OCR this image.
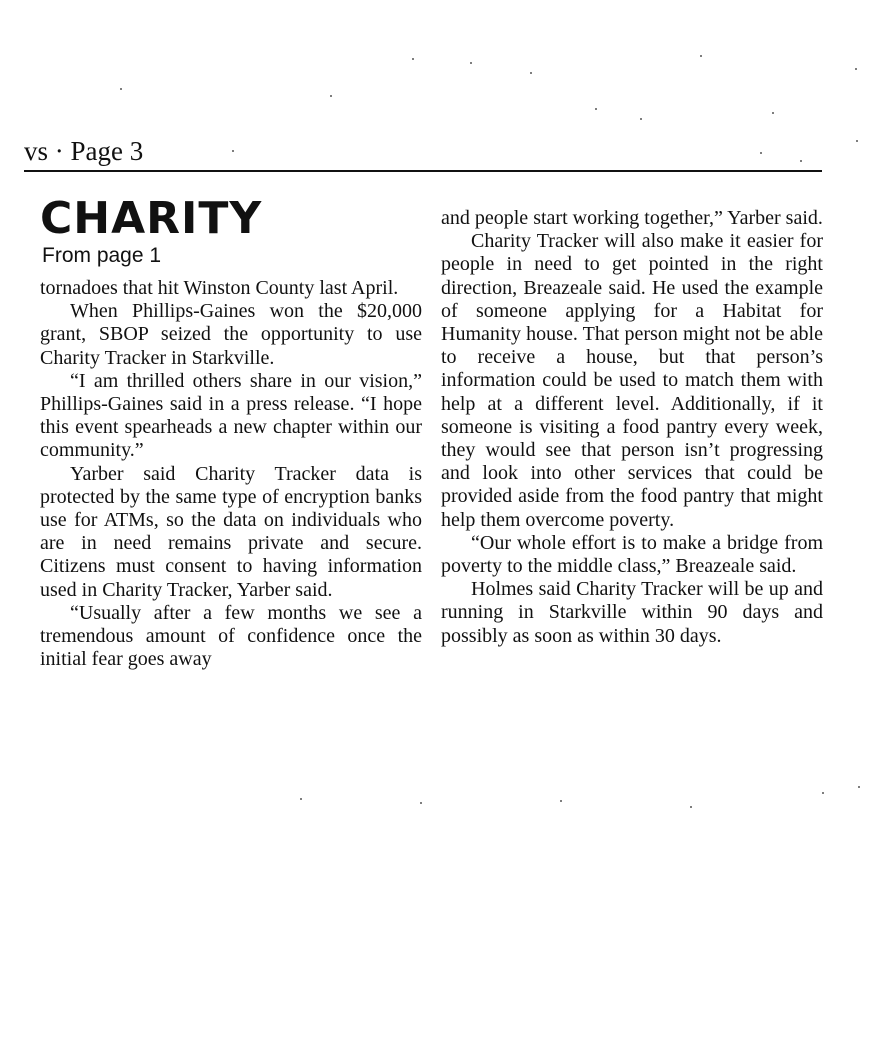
vs · Page 3
CHARITY
From page 1

tornadoes that hit Winston County last April.

When Phillips-Gaines won the $20,000 grant, SBOP seized the opportunity to use Charity Tracker in Starkville.

“I am thrilled others share in our vision,” Phillips-Gaines said in a press release. “I hope this event spearheads a new chapter within our community.”

Yarber said Charity Tracker data is protected by the same type of encryption banks use for ATMs, so the data on individuals who are in need remains private and secure. Citizens must consent to having information used in Charity Tracker, Yarber said.

“Usually after a few months we see a tremendous amount of confidence once the initial fear goes away

and people start working together,” Yarber said.

Charity Tracker will also make it easier for people in need to get pointed in the right direction, Breazeale said. He used the example of someone applying for a Habitat for Humanity house. That person might not be able to receive a house, but that person’s information could be used to match them with help at a different level. Additionally, if it someone is visiting a food pantry every week, they would see that person isn’t progressing and look into other services that could be provided aside from the food pantry that might help them overcome poverty.

“Our whole effort is to make a bridge from poverty to the middle class,” Breazeale said.

Holmes said Charity Tracker will be up and running in Starkville within 90 days and possibly as soon as within 30 days.
